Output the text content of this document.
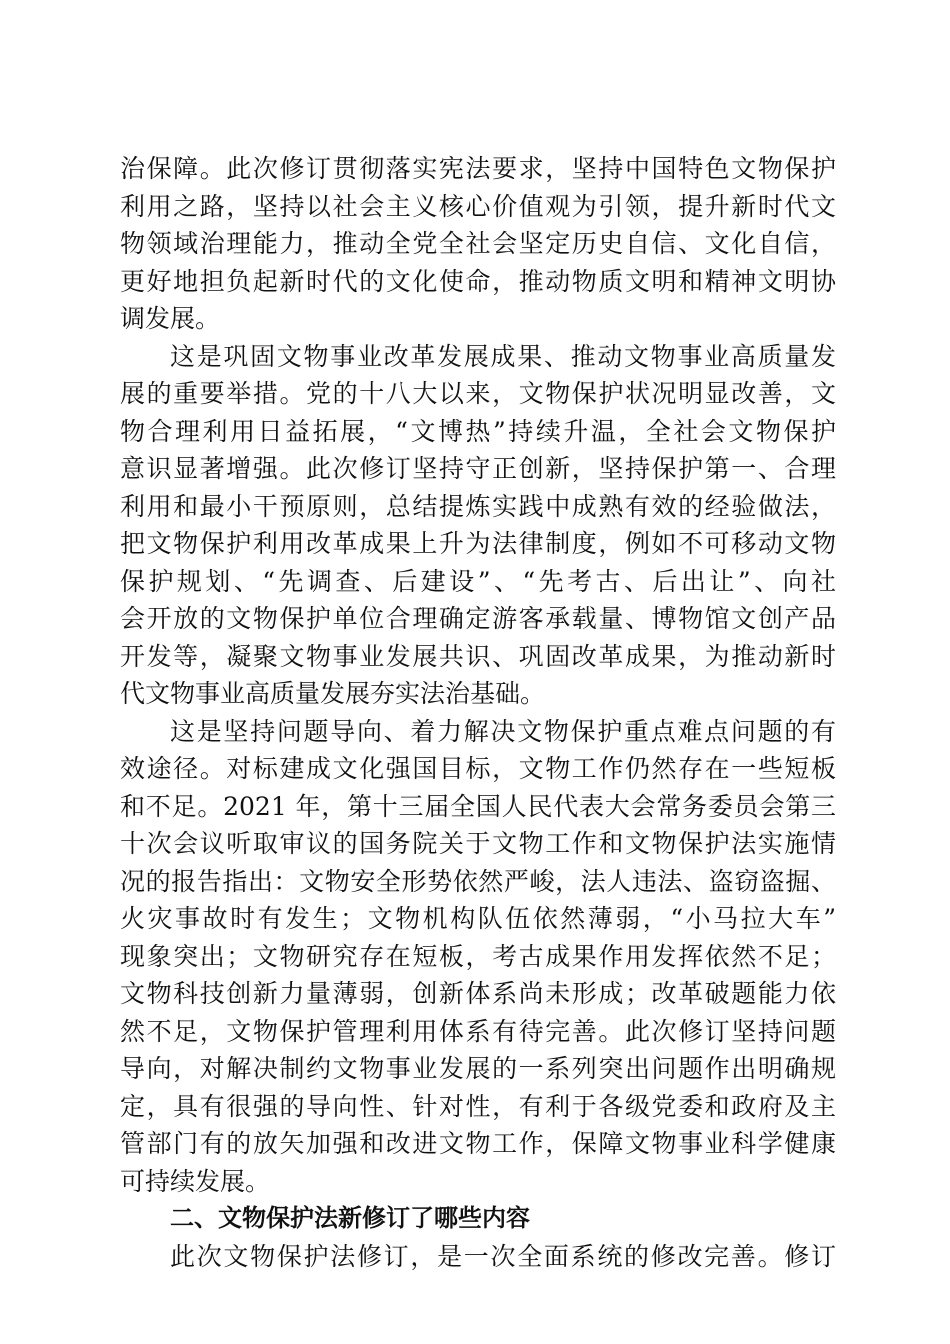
治保障。此次修订贯彻落实宪法要求，坚持中国特色文物保护
利用之路，坚持以社会主义核心价值观为引领，提升新时代文
物领域治理能力，推动全党全社会坚定历史自信、文化自信，
更好地担负起新时代的文化使命，推动物质文明和精神文明协
调发展。
这是巩固文物事业改革发展成果、推动文物事业高质量发
展的重要举措。党的十八大以来，文物保护状况明显改善，文
物合理利用日益拓展，“文博热”持续升温，全社会文物保护
意识显著增强。此次修订坚持守正创新，坚持保护第一、合理
利用和最小干预原则，总结提炼实践中成熟有效的经验做法，
把文物保护利用改革成果上升为法律制度，例如不可移动文物
保护规划、“先调查、后建设”、“先考古、后出让”、向社
会开放的文物保护单位合理确定游客承载量、博物馆文创产品
开发等，凝聚文物事业发展共识、巩固改革成果，为推动新时
代文物事业高质量发展夯实法治基础。
这是坚持问题导向、着力解决文物保护重点难点问题的有
效途径。对标建成文化强国目标，文物工作仍然存在一些短板
和不足。2021 年，第十三届全国人民代表大会常务委员会第三
十次会议听取审议的国务院关于文物工作和文物保护法实施情
况的报告指出：文物安全形势依然严峻，法人违法、盗窃盗掘、
火灾事故时有发生；文物机构队伍依然薄弱，“小马拉大车”
现象突出；文物研究存在短板，考古成果作用发挥依然不足；
文物科技创新力量薄弱，创新体系尚未形成；改革破题能力依
然不足，文物保护管理利用体系有待完善。此次修订坚持问题
导向，对解决制约文物事业发展的一系列突出问题作出明确规
定，具有很强的导向性、针对性，有利于各级党委和政府及主
管部门有的放矢加强和改进文物工作，保障文物事业科学健康
可持续发展。
二、文物保护法新修订了哪些内容
此次文物保护法修订，是一次全面系统的修改完善。修订
